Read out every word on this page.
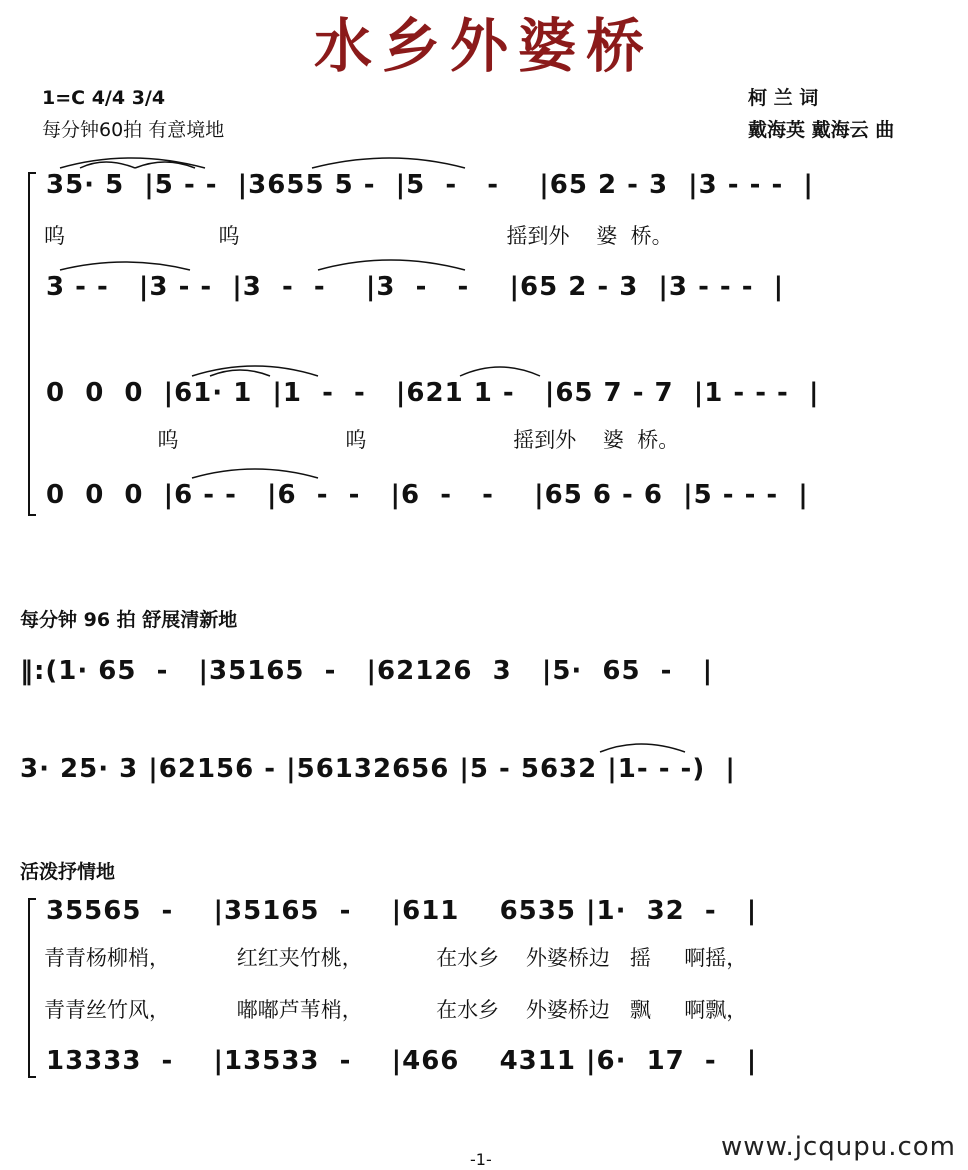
水乡外婆桥
1=C 4/4 3/4
每分钟60拍 有意境地
柯 兰 词
戴海英 戴海云 曲
35· 5  |5 - -  |3655 5 -  |5  -   -    |65 2 - 3  |3 - - -  |
呜                       呜                                        摇到外    婆  桥。
3 - -   |3 - -  |3  -  -    |3  -   -    |65 2 - 3  |3 - - -  |
0  0  0  |61· 1  |1  -  -   |621 1 -   |65 7 - 7  |1 - - -  |
呜                         呜                      摇到外    婆  桥。
0  0  0  |6 - -   |6  -  -   |6  -   -    |65 6 - 6  |5 - - -  |
每分钟 96 拍 舒展清新地
‖:(1· 65  -   |35165  -   |62126  3   |5·  65  -   |
3· 25· 3 |62156 - |56132656 |5 - 5632 |1- - -)  |
活泼抒情地
35565  -    |35165  -    |611    6535 |1·  32  -   |
青青杨柳梢，          红红夹竹桃，           在水乡    外婆桥边   摇     啊摇，
青青丝竹风，          嘟嘟芦苇梢，           在水乡    外婆桥边   飘     啊飘，
13333  -    |13533  -    |466    4311 |6·  17  -   |
-1-	www.jcqupu.com
